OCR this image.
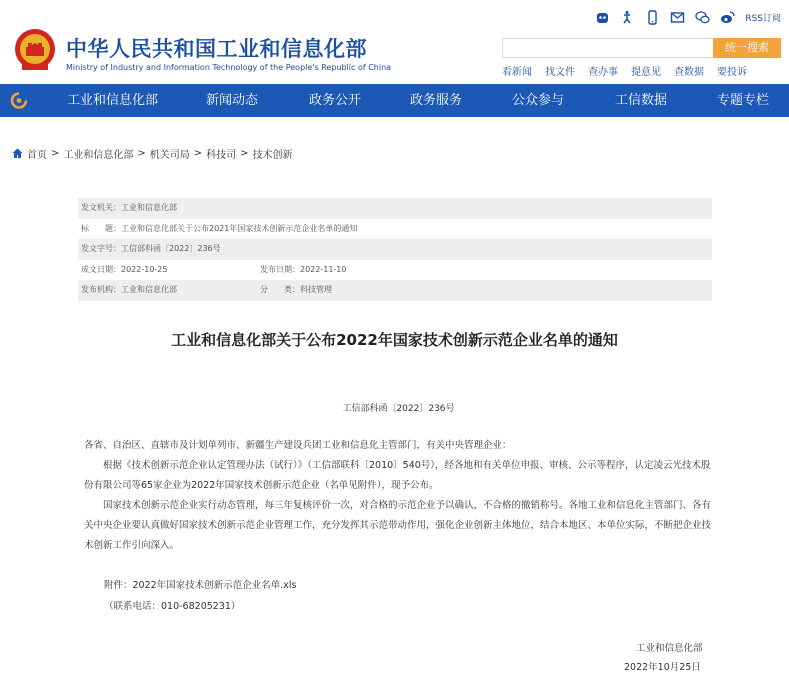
中华人民共和国工业和信息化部
Ministry of Industry and Information Technology of the People's Republic of China
RSS订阅
统一搜索
看新闻 找文件 查办事 提意见 查数据 要投诉
工业和信息化部	新闻动态	政务公开	政务服务	公众参与	工信数据	专题专栏
首页 > 工业和信息化部 > 机关司局 > 科技司 > 技术创新
发文机关：工业和信息化部
标　　题：工业和信息化部关于公布2021年国家技术创新示范企业名单的通知
发文字号：工信部科函〔2022〕236号
成文日期：2022-10-25	发布日期：2022-11-10
发布机构：工业和信息化部	分　　类：科技管理
工业和信息化部关于公布2022年国家技术创新示范企业名单的通知
工信部科函〔2022〕236号

各省、自治区、直辖市及计划单列市、新疆生产建设兵团工业和信息化主管部门，有关中央管理企业：

根据《技术创新示范企业认定管理办法（试行）》（工信部联科〔2010〕540号），经各地和有关单位申报、审核、公示等程序，认定凌云光技术股份有限公司等65家企业为2022年国家技术创新示范企业（名单见附件），现予公布。

国家技术创新示范企业实行动态管理，每三年复核评价一次，对合格的示范企业予以确认，不合格的撤销称号。各地工业和信息化主管部门、各有关中央企业要认真做好国家技术创新示范企业管理工作，充分发挥其示范带动作用，强化企业创新主体地位，结合本地区、本单位实际，不断把企业技术创新工作引向深入。

附件：2022年国家技术创新示范企业名单.xls
（联系电话：010-68205231）
工业和信息化部
2022年10月25日
